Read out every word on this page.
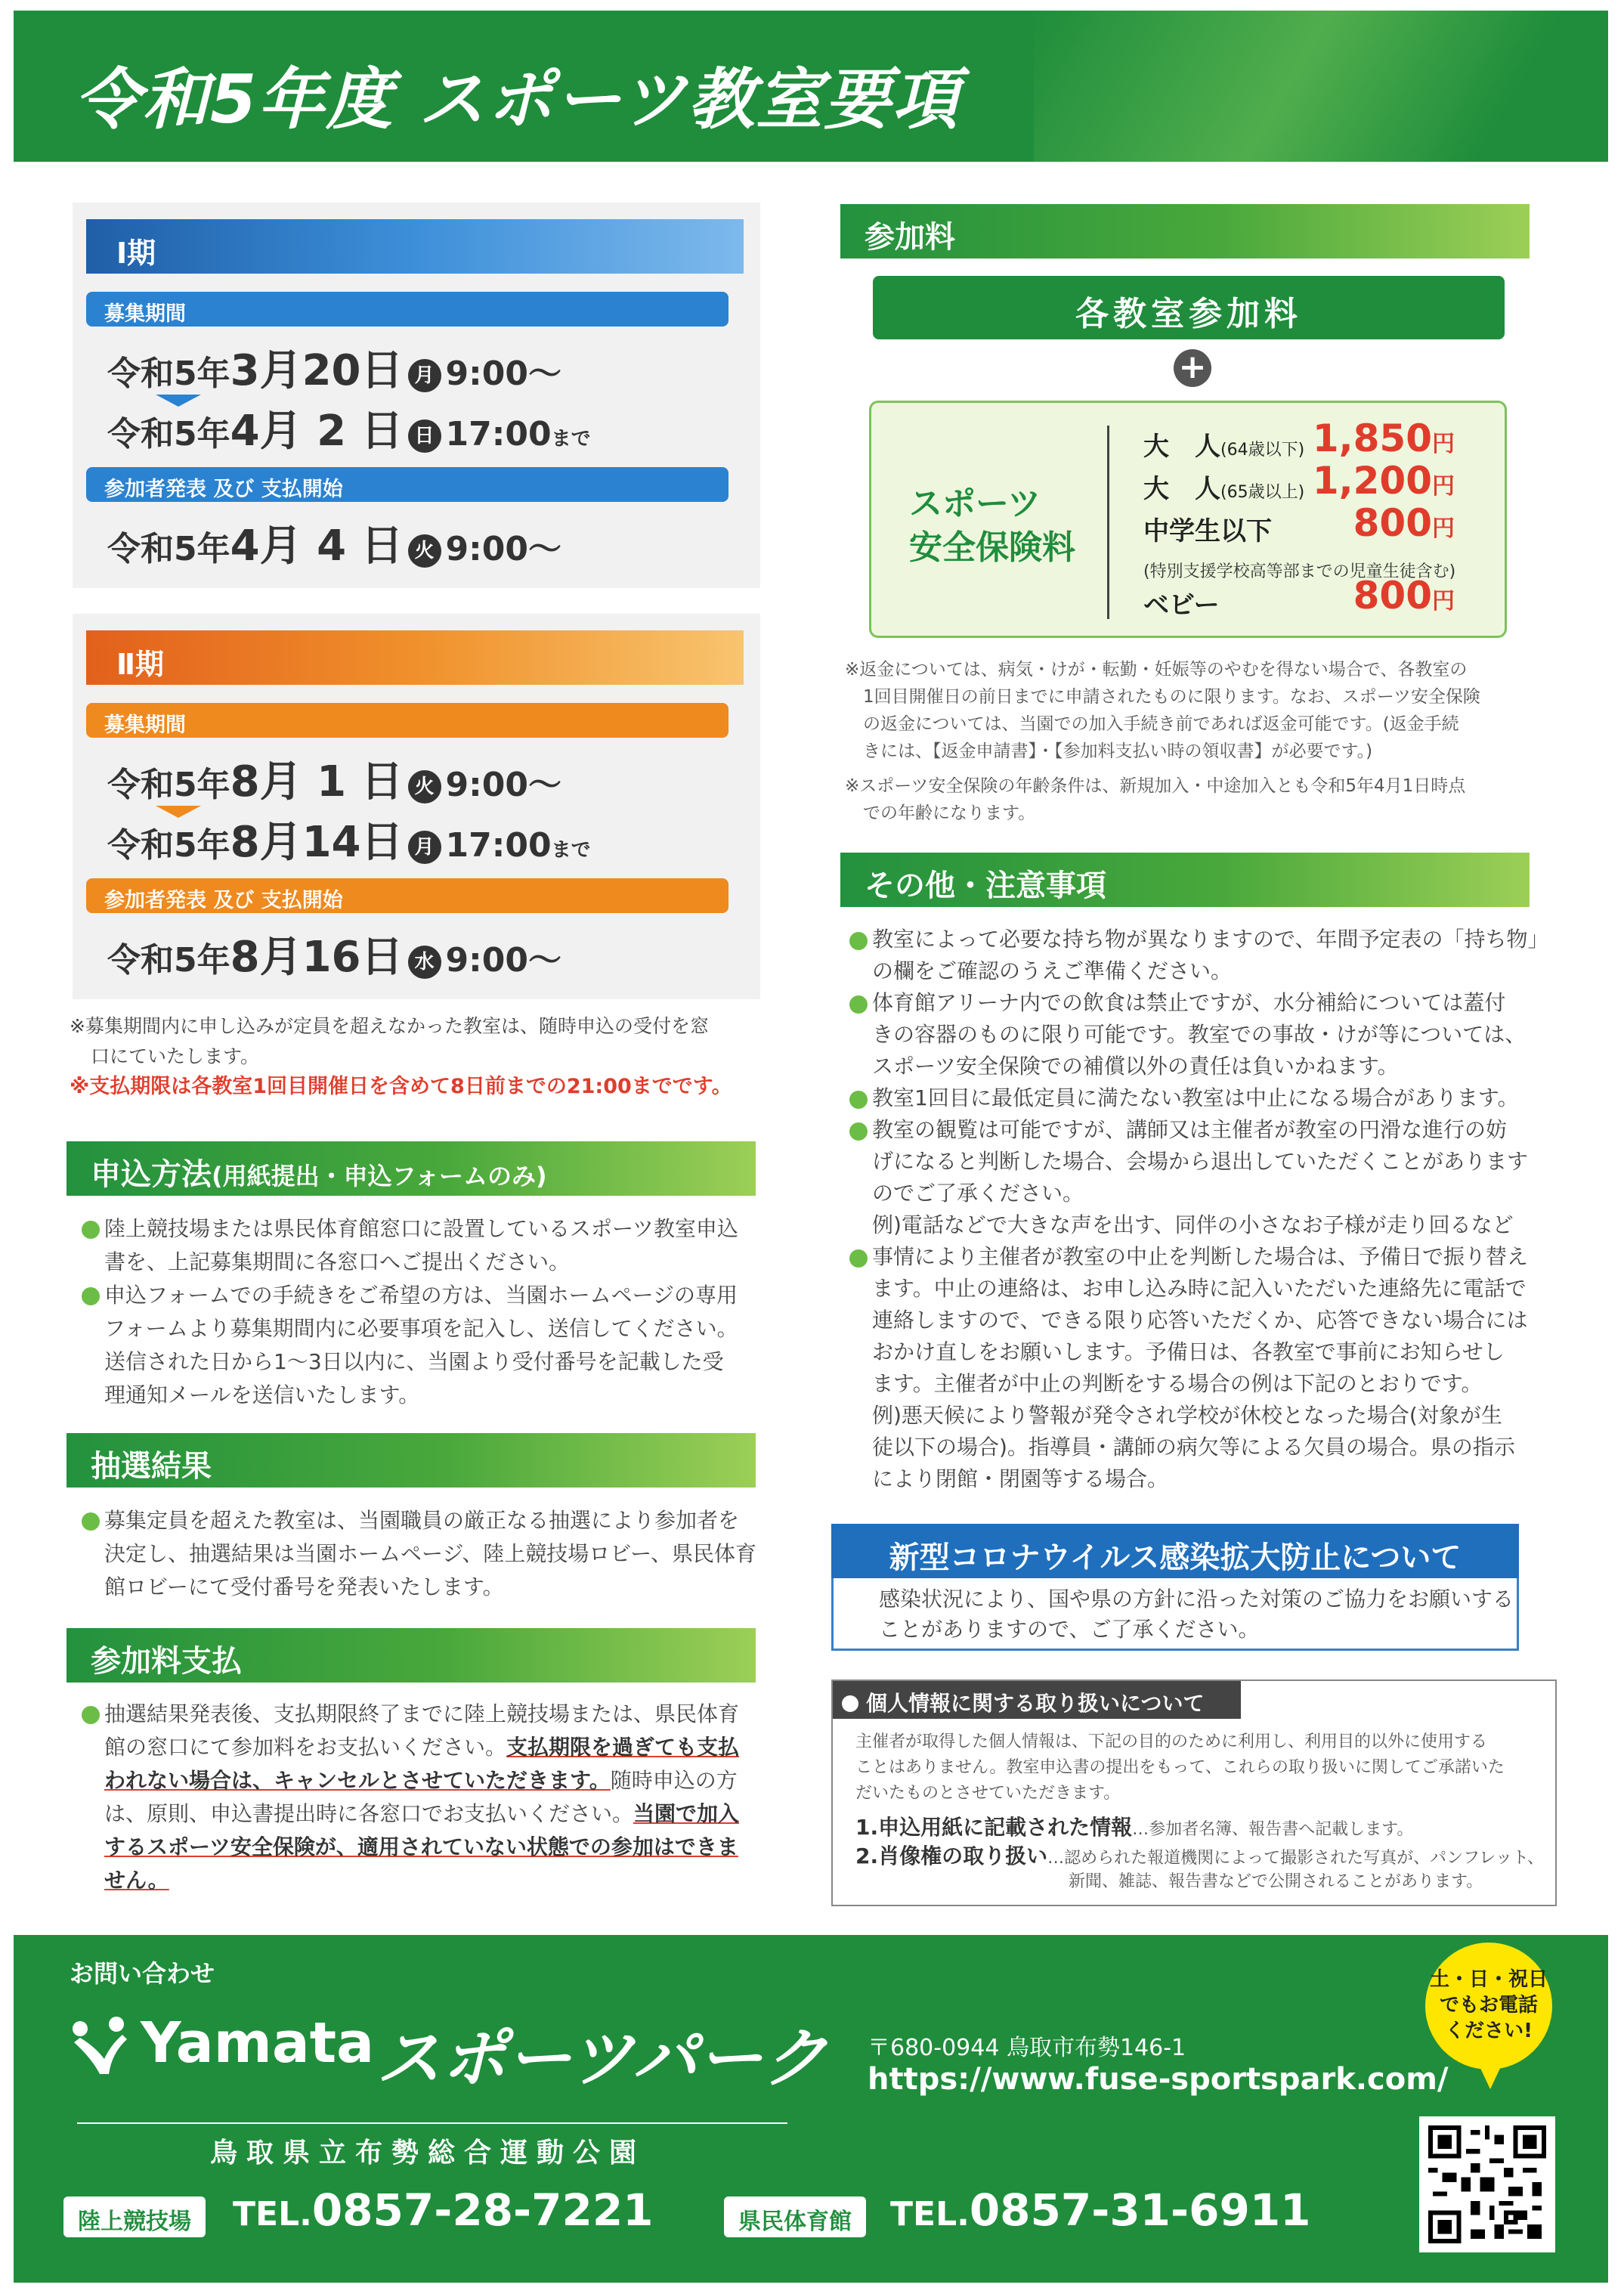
令和5年度 スポーツ教室要項
Ⅰ期
募集期間
令和5年3月20日 月 9:00〜
令和5年4月 2 日 日 17:00まで
参加者発表 及び 支払開始
令和5年4月 4 日 火 9:00〜
Ⅱ期
募集期間
令和5年8月 1 日 火 9:00〜
令和5年8月14日 月 17:00まで
参加者発表 及び 支払開始
令和5年8月16日 水 9:00〜
※募集期間内に申し込みが定員を超えなかった教室は、随時申込の受付を窓
口にていたします。
※支払期限は各教室1回目開催日を含めて8日前までの21:00までです。
申込方法(用紙提出・申込フォームのみ)
陸上競技場または県民体育館窓口に設置しているスポーツ教室申込
書を、上記募集期間に各窓口へご提出ください。
申込フォームでの手続きをご希望の方は、当園ホームページの専用
フォームより募集期間内に必要事項を記入し、送信してください。
送信された日から1〜3日以内に、当園より受付番号を記載した受
理通知メールを送信いたします。
抽選結果
募集定員を超えた教室は、当園職員の厳正なる抽選により参加者を
決定し、抽選結果は当園ホームページ、陸上競技場ロビー、県民体育
館ロビーにて受付番号を発表いたします。
参加料支払
抽選結果発表後、支払期限終了までに陸上競技場または、県民体育
館の窓口にて参加料をお支払いください。支払期限を過ぎても支払
われない場合は、キャンセルとさせていただきます。随時申込の方
は、原則、申込書提出時に各窓口でお支払いください。当園で加入
するスポーツ安全保険が、適用されていない状態での参加はできま
せん。
参加料
各教室参加料
+
スポーツ
安全保険料
大　人(64歳以下) 1,850円
大　人(65歳以上) 1,200円
中学生以下 800円
(特別支援学校高等部までの児童生徒含む)
ベビー	800円
※返金については、病気・けが・転勤・妊娠等のやむを得ない場合で、各教室の
1回目開催日の前日までに申請されたものに限ります。なお、スポーツ安全保険
の返金については、当園での加入手続き前であれば返金可能です。(返金手続
きには、【返金申請書】・【参加料支払い時の領収書】が必要です。)
※スポーツ安全保険の年齢条件は、新規加入・中途加入とも令和5年4月1日時点
での年齢になります。
その他・注意事項
教室によって必要な持ち物が異なりますので、年間予定表の「持ち物」
の欄をご確認のうえご準備ください。
体育館アリーナ内での飲食は禁止ですが、水分補給については蓋付
きの容器のものに限り可能です。教室での事故・けが等については、
スポーツ安全保険での補償以外の責任は負いかねます。
教室1回目に最低定員に満たない教室は中止になる場合があります。
教室の観覧は可能ですが、講師又は主催者が教室の円滑な進行の妨
げになると判断した場合、会場から退出していただくことがあります
のでご了承ください。
例)電話などで大きな声を出す、同伴の小さなお子様が走り回るなど
事情により主催者が教室の中止を判断した場合は、予備日で振り替え
ます。中止の連絡は、お申し込み時に記入いただいた連絡先に電話で
連絡しますので、できる限り応答いただくか、応答できない場合には
おかけ直しをお願いします。予備日は、各教室で事前にお知らせし
ます。主催者が中止の判断をする場合の例は下記のとおりです。
例)悪天候により警報が発令され学校が休校となった場合(対象が生
徒以下の場合)。指導員・講師の病欠等による欠員の場合。県の指示
により閉館・閉園等する場合。
新型コロナウイルス感染拡大防止について
感染状況により、国や県の方針に沿った対策のご協力をお願いする
ことがありますので、ご了承ください。
個人情報に関する取り扱いについて
主催者が取得した個人情報は、下記の目的のために利用し、利用目的以外に使用する
ことはありません。教室申込書の提出をもって、これらの取り扱いに関してご承諾いた
だいたものとさせていただきます。
1.申込用紙に記載された情報…参加者名簿、報告書へ記載します。
2.肖像権の取り扱い…認められた報道機関によって撮影された写真が、パンフレット、
新聞、雑誌、報告書などで公開されることがあります。
お問い合わせ
Yamata スポーツパーク
鳥取県立布勢総合運動公園
陸上競技場	TEL.0857-28-7221	県民体育館	TEL.0857-31-6911
〒680-0944 鳥取市布勢146-1
https://www.fuse-sportspark.com/
土・日・祝日
でもお電話
ください!
